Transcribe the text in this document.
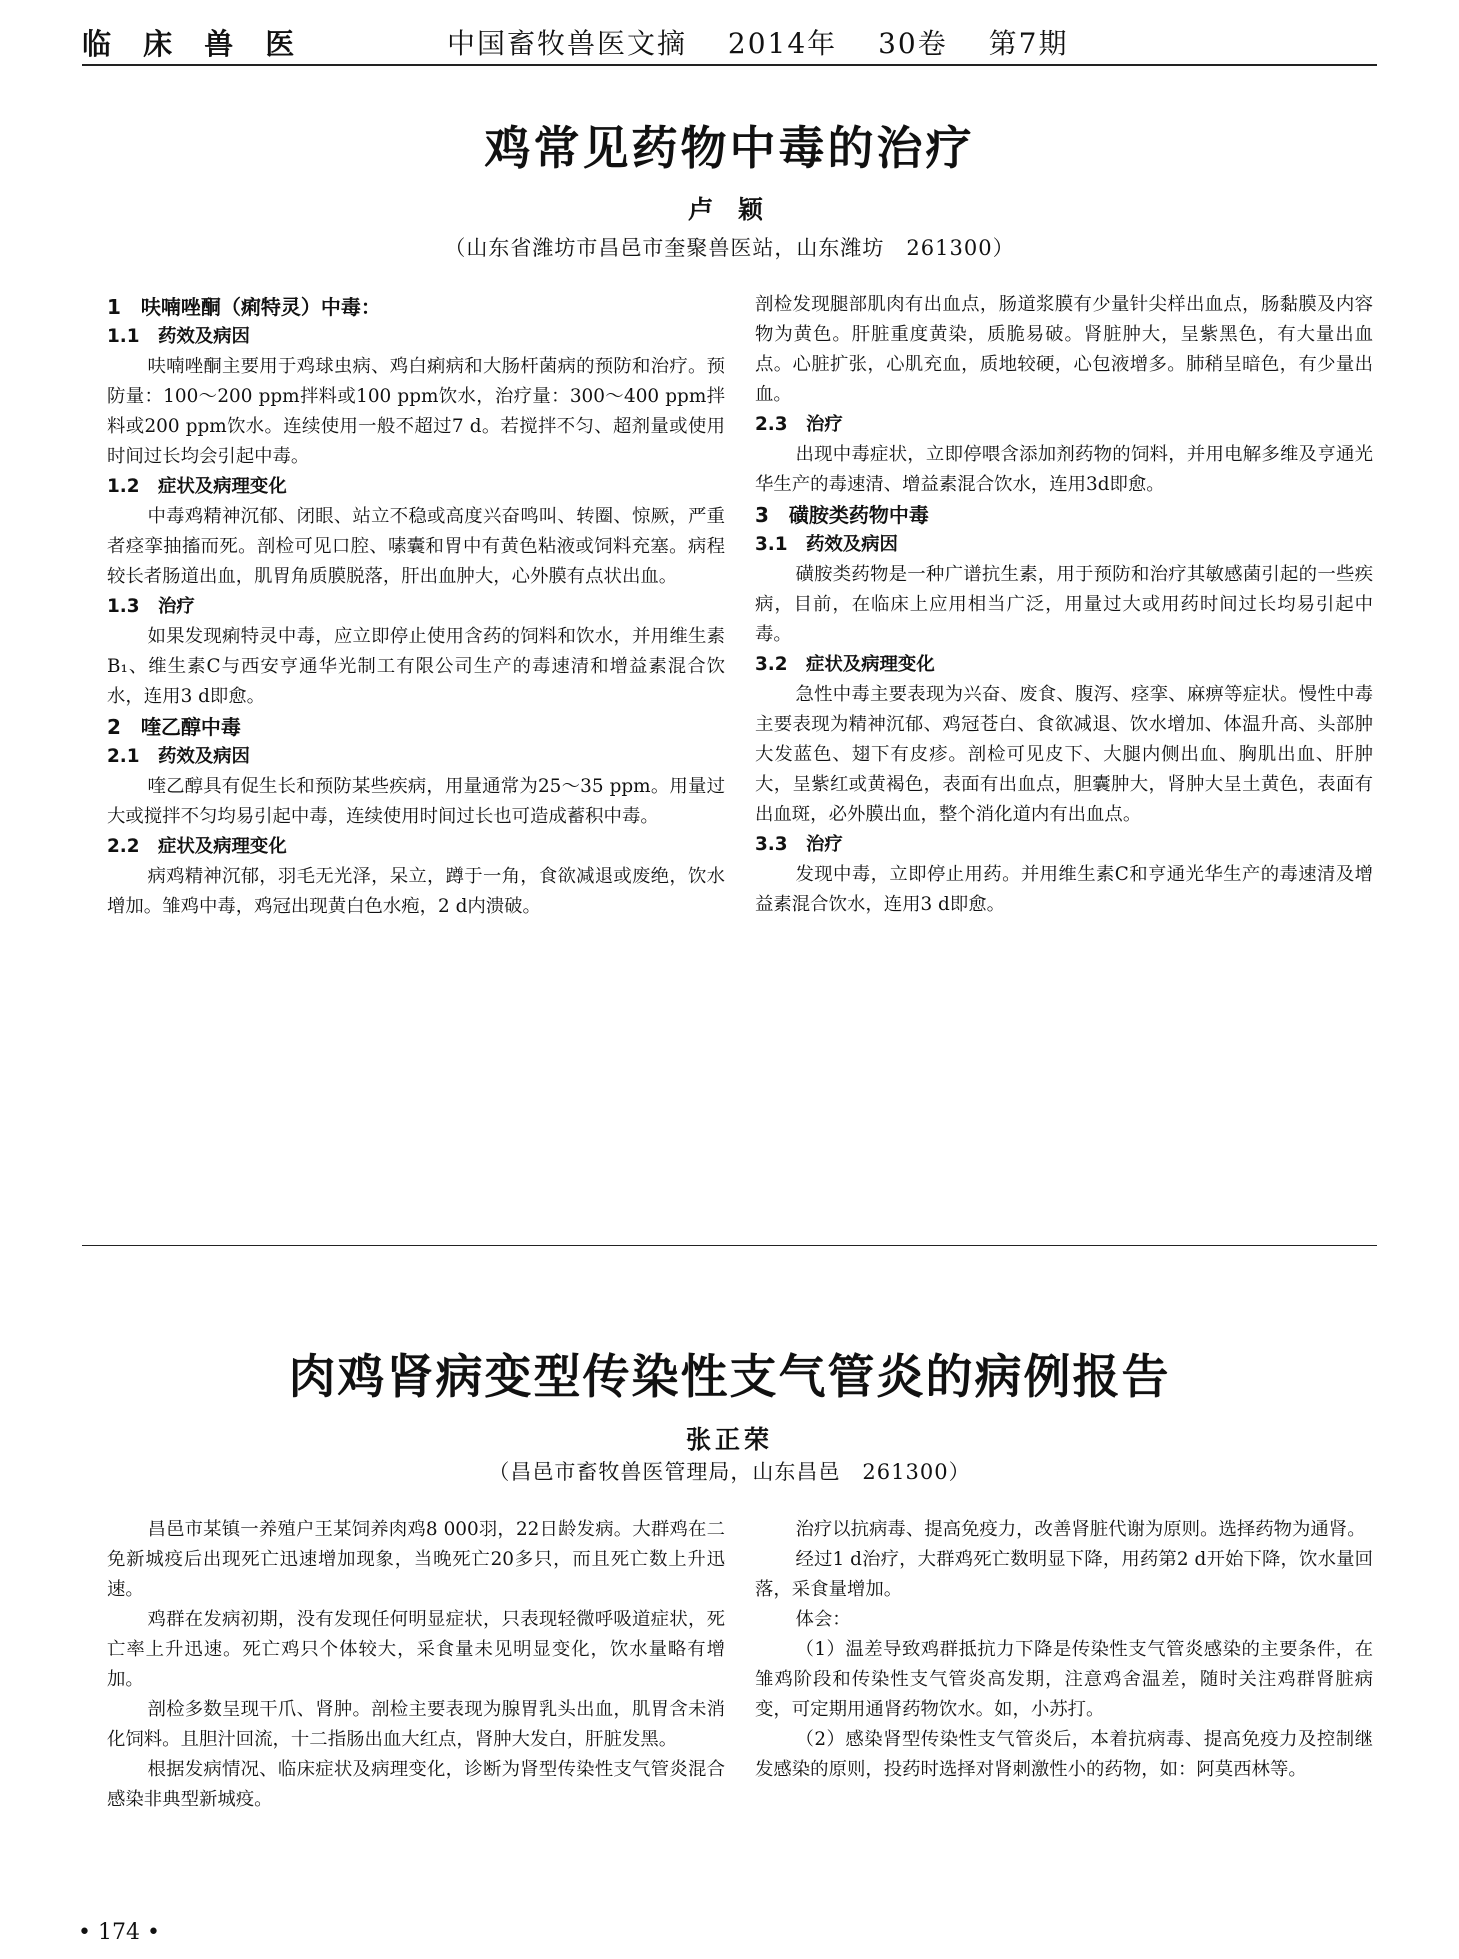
临 床 兽 医	中国畜牧兽医文摘 2014年 30卷 第7期
鸡常见药物中毒的治疗
卢 颖
（山东省潍坊市昌邑市奎聚兽医站，山东潍坊　261300）
1　呋喃唑酮（痢特灵）中毒：
1.1　药效及病因
呋喃唑酮主要用于鸡球虫病、鸡白痢病和大肠杆菌病的预防和治疗。预防量：100～200 ppm拌料或100 ppm饮水，治疗量：300～400 ppm拌料或200 ppm饮水。连续使用一般不超过7 d。若搅拌不匀、超剂量或使用时间过长均会引起中毒。
1.2　症状及病理变化
中毒鸡精神沉郁、闭眼、站立不稳或高度兴奋鸣叫、转圈、惊厥，严重者痉挛抽搐而死。剖检可见口腔、嗉囊和胃中有黄色粘液或饲料充塞。病程较长者肠道出血，肌胃角质膜脱落，肝出血肿大，心外膜有点状出血。
1.3　治疗
如果发现痢特灵中毒，应立即停止使用含药的饲料和饮水，并用维生素B₁、维生素C与西安亨通华光制工有限公司生产的毒速清和增益素混合饮水，连用3 d即愈。
2　喹乙醇中毒
2.1　药效及病因
喹乙醇具有促生长和预防某些疾病，用量通常为25～35 ppm。用量过大或搅拌不匀均易引起中毒，连续使用时间过长也可造成蓄积中毒。
2.2　症状及病理变化
病鸡精神沉郁，羽毛无光泽，呆立，蹲于一角，食欲减退或废绝，饮水增加。雏鸡中毒，鸡冠出现黄白色水疱，2 d内溃破。
剖检发现腿部肌肉有出血点，肠道浆膜有少量针尖样出血点，肠黏膜及内容物为黄色。肝脏重度黄染，质脆易破。肾脏肿大，呈紫黑色，有大量出血点。心脏扩张，心肌充血，质地较硬，心包液增多。肺稍呈暗色，有少量出血。
2.3　治疗
出现中毒症状，立即停喂含添加剂药物的饲料，并用电解多维及亨通光华生产的毒速清、增益素混合饮水，连用3d即愈。
3　磺胺类药物中毒
3.1　药效及病因
磺胺类药物是一种广谱抗生素，用于预防和治疗其敏感菌引起的一些疾病，目前，在临床上应用相当广泛，用量过大或用药时间过长均易引起中毒。
3.2　症状及病理变化
急性中毒主要表现为兴奋、废食、腹泻、痉挛、麻痹等症状。慢性中毒主要表现为精神沉郁、鸡冠苍白、食欲减退、饮水增加、体温升高、头部肿大发蓝色、翅下有皮疹。剖检可见皮下、大腿内侧出血、胸肌出血、肝肿大，呈紫红或黄褐色，表面有出血点，胆囊肿大，肾肿大呈土黄色，表面有出血斑，必外膜出血，整个消化道内有出血点。
3.3　治疗
发现中毒，立即停止用药。并用维生素C和亨通光华生产的毒速清及增益素混合饮水，连用3 d即愈。
肉鸡肾病变型传染性支气管炎的病例报告
张正荣
（昌邑市畜牧兽医管理局，山东昌邑　261300）
昌邑市某镇一养殖户王某饲养肉鸡8 000羽，22日龄发病。大群鸡在二免新城疫后出现死亡迅速增加现象，当晚死亡20多只，而且死亡数上升迅速。
鸡群在发病初期，没有发现任何明显症状，只表现轻微呼吸道症状，死亡率上升迅速。死亡鸡只个体较大，采食量未见明显变化，饮水量略有增加。
剖检多数呈现干爪、肾肿。剖检主要表现为腺胃乳头出血，肌胃含未消化饲料。且胆汁回流，十二指肠出血大红点，肾肿大发白，肝脏发黑。
根据发病情况、临床症状及病理变化，诊断为肾型传染性支气管炎混合感染非典型新城疫。
治疗以抗病毒、提高免疫力，改善肾脏代谢为原则。选择药物为通肾。
经过1 d治疗，大群鸡死亡数明显下降，用药第2 d开始下降，饮水量回落，采食量增加。
体会：
（1）温差导致鸡群抵抗力下降是传染性支气管炎感染的主要条件，在雏鸡阶段和传染性支气管炎高发期，注意鸡舍温差，随时关注鸡群肾脏病变，可定期用通肾药物饮水。如，小苏打。
（2）感染肾型传染性支气管炎后，本着抗病毒、提高免疫力及控制继发感染的原则，投药时选择对肾刺激性小的药物，如：阿莫西林等。
• 174 •
